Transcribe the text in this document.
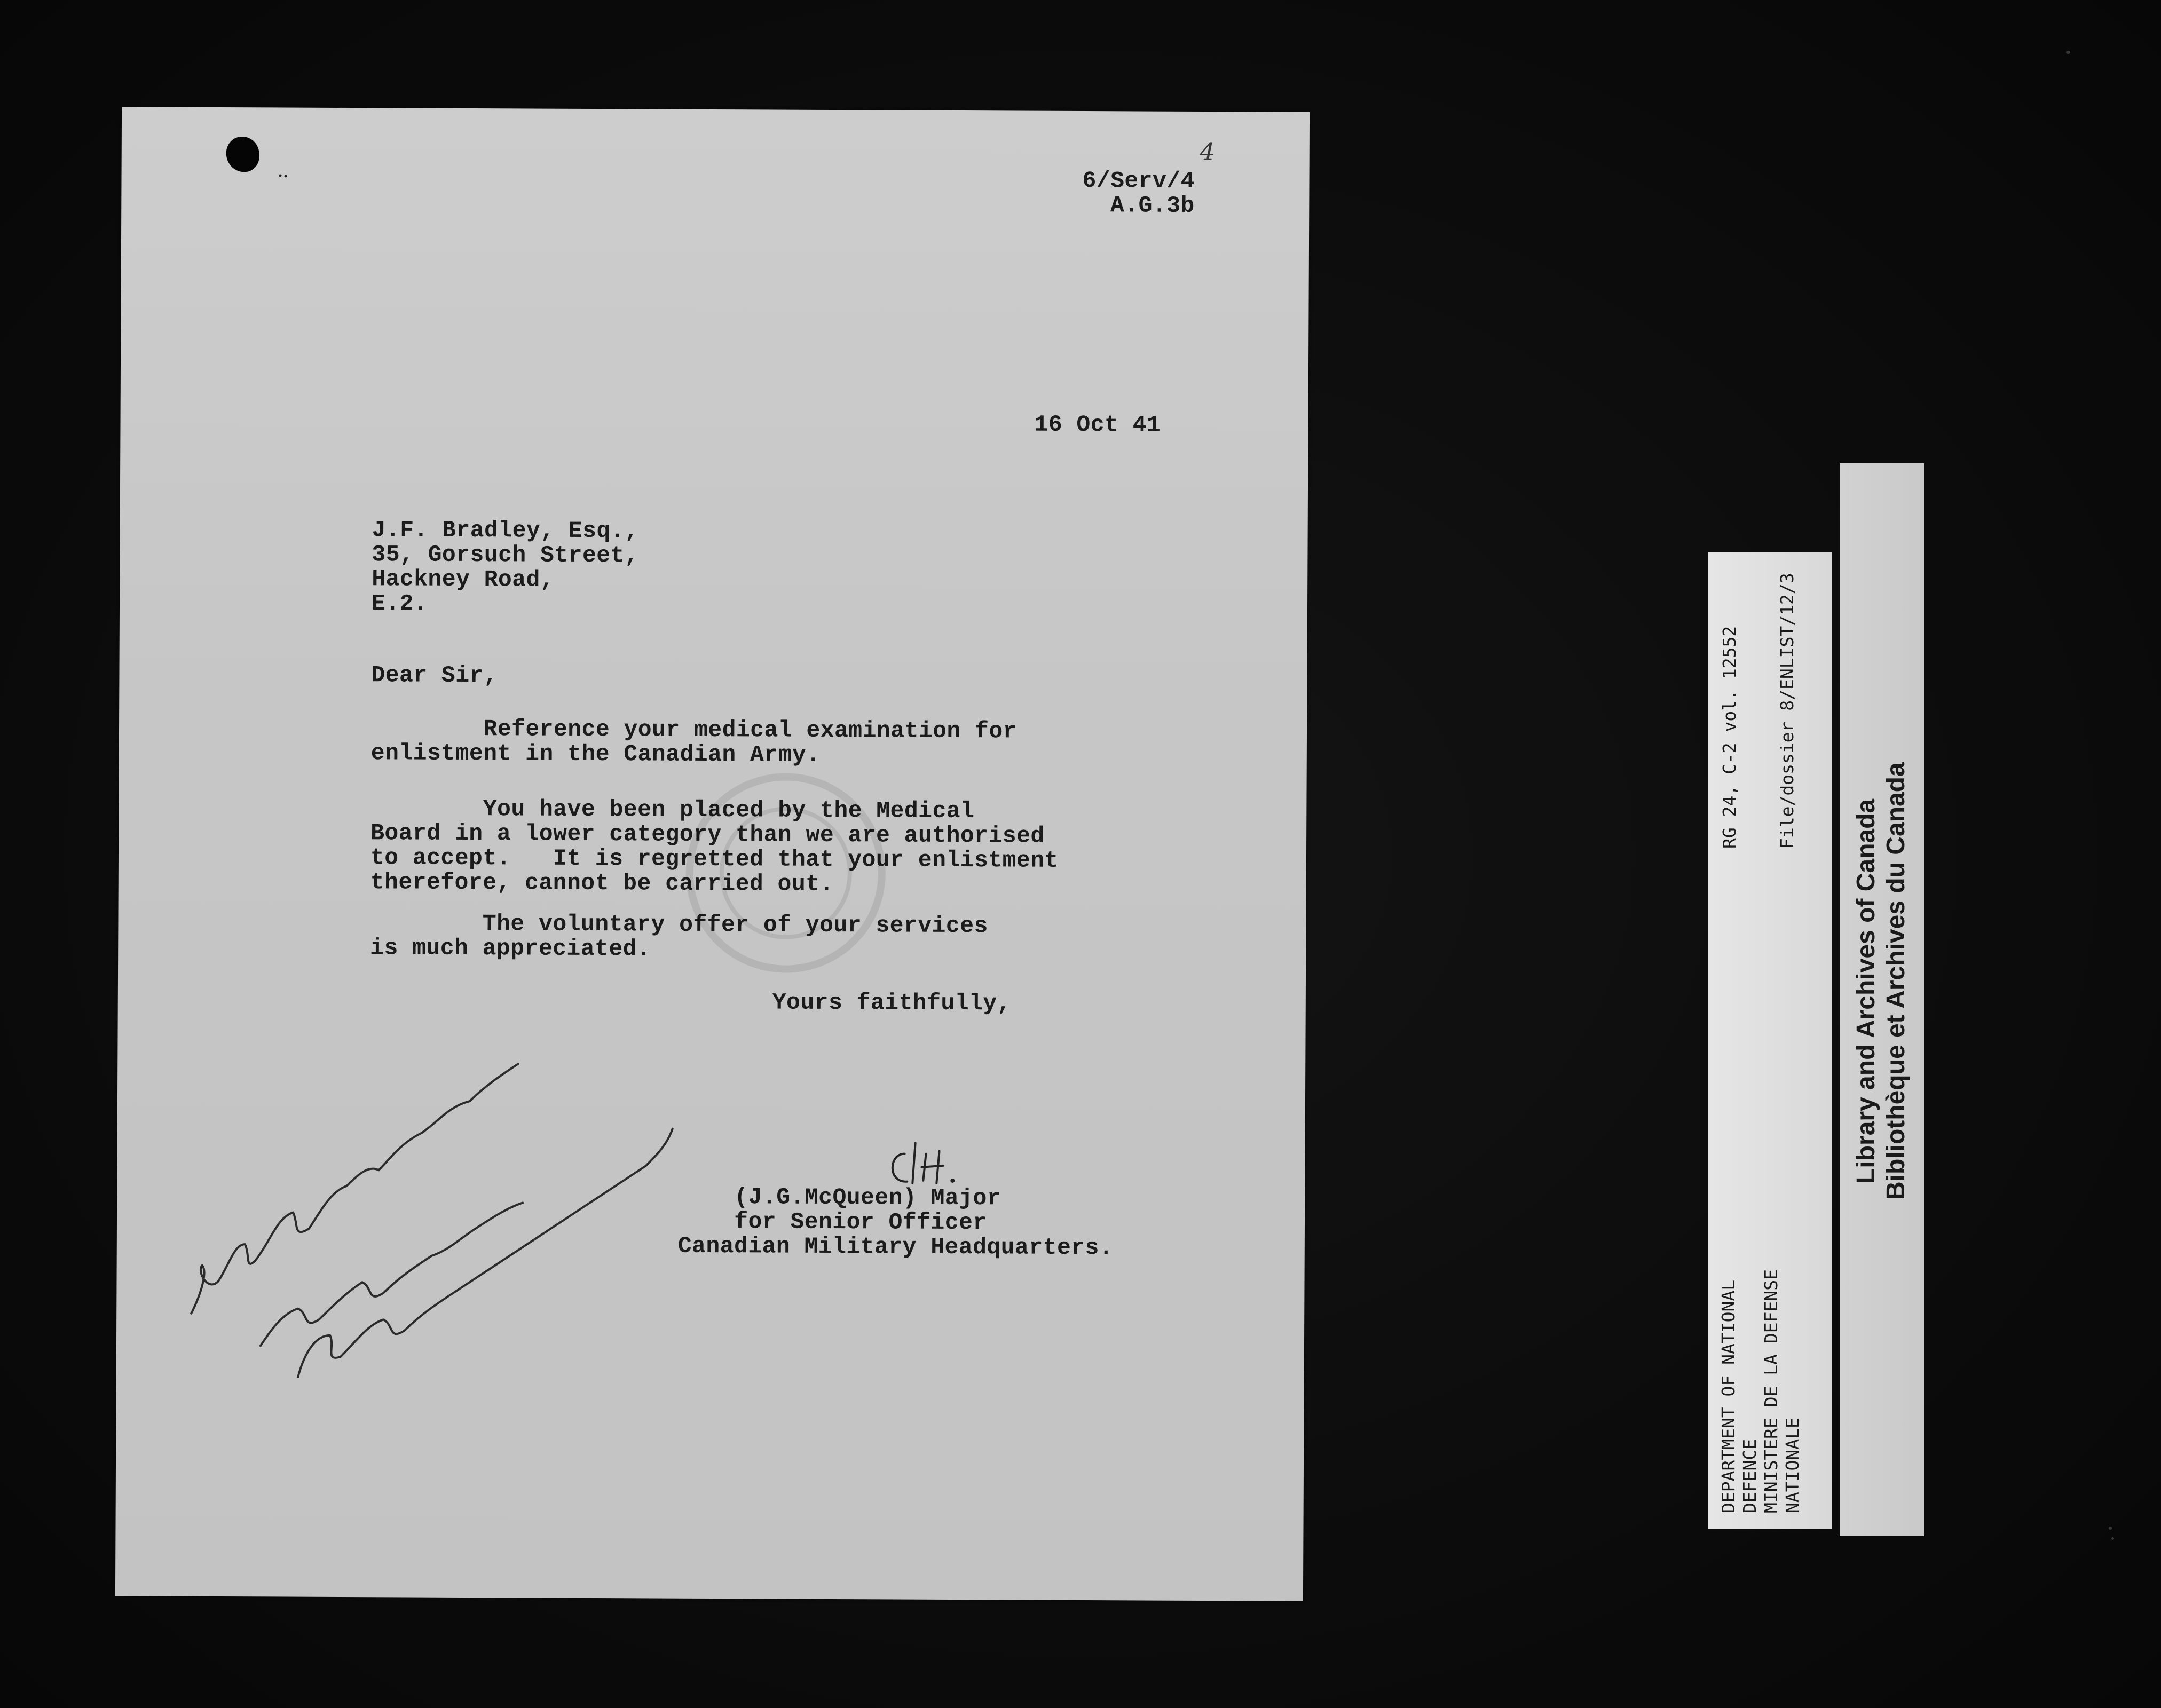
4
6/Serv/4
A.G.3b
16 Oct 41
J.F. Bradley, Esq.,
35, Gorsuch Street,
Hackney Road,
E.2.
Dear Sir,
Reference your medical examination for
enlistment in the Canadian Army.
You have been placed by the Medical
Board in a lower category than we are authorised
to accept.   It is regretted that your enlistment
therefore, cannot be carried out.
The voluntary offer of your services
is much appreciated.
Yours faithfully,
(J.G.McQueen) Major
for Senior Officer
Canadian Military Headquarters.
DEPARTMENT OF NATIONAL
DEFENCE
MINISTERE DE LA DEFENSE
NATIONALE
RG 24, C-2 vol. 12552 File/dossier 8/ENLIST/12/3
Library and Archives of Canada Bibliothèque et Archives du Canada
